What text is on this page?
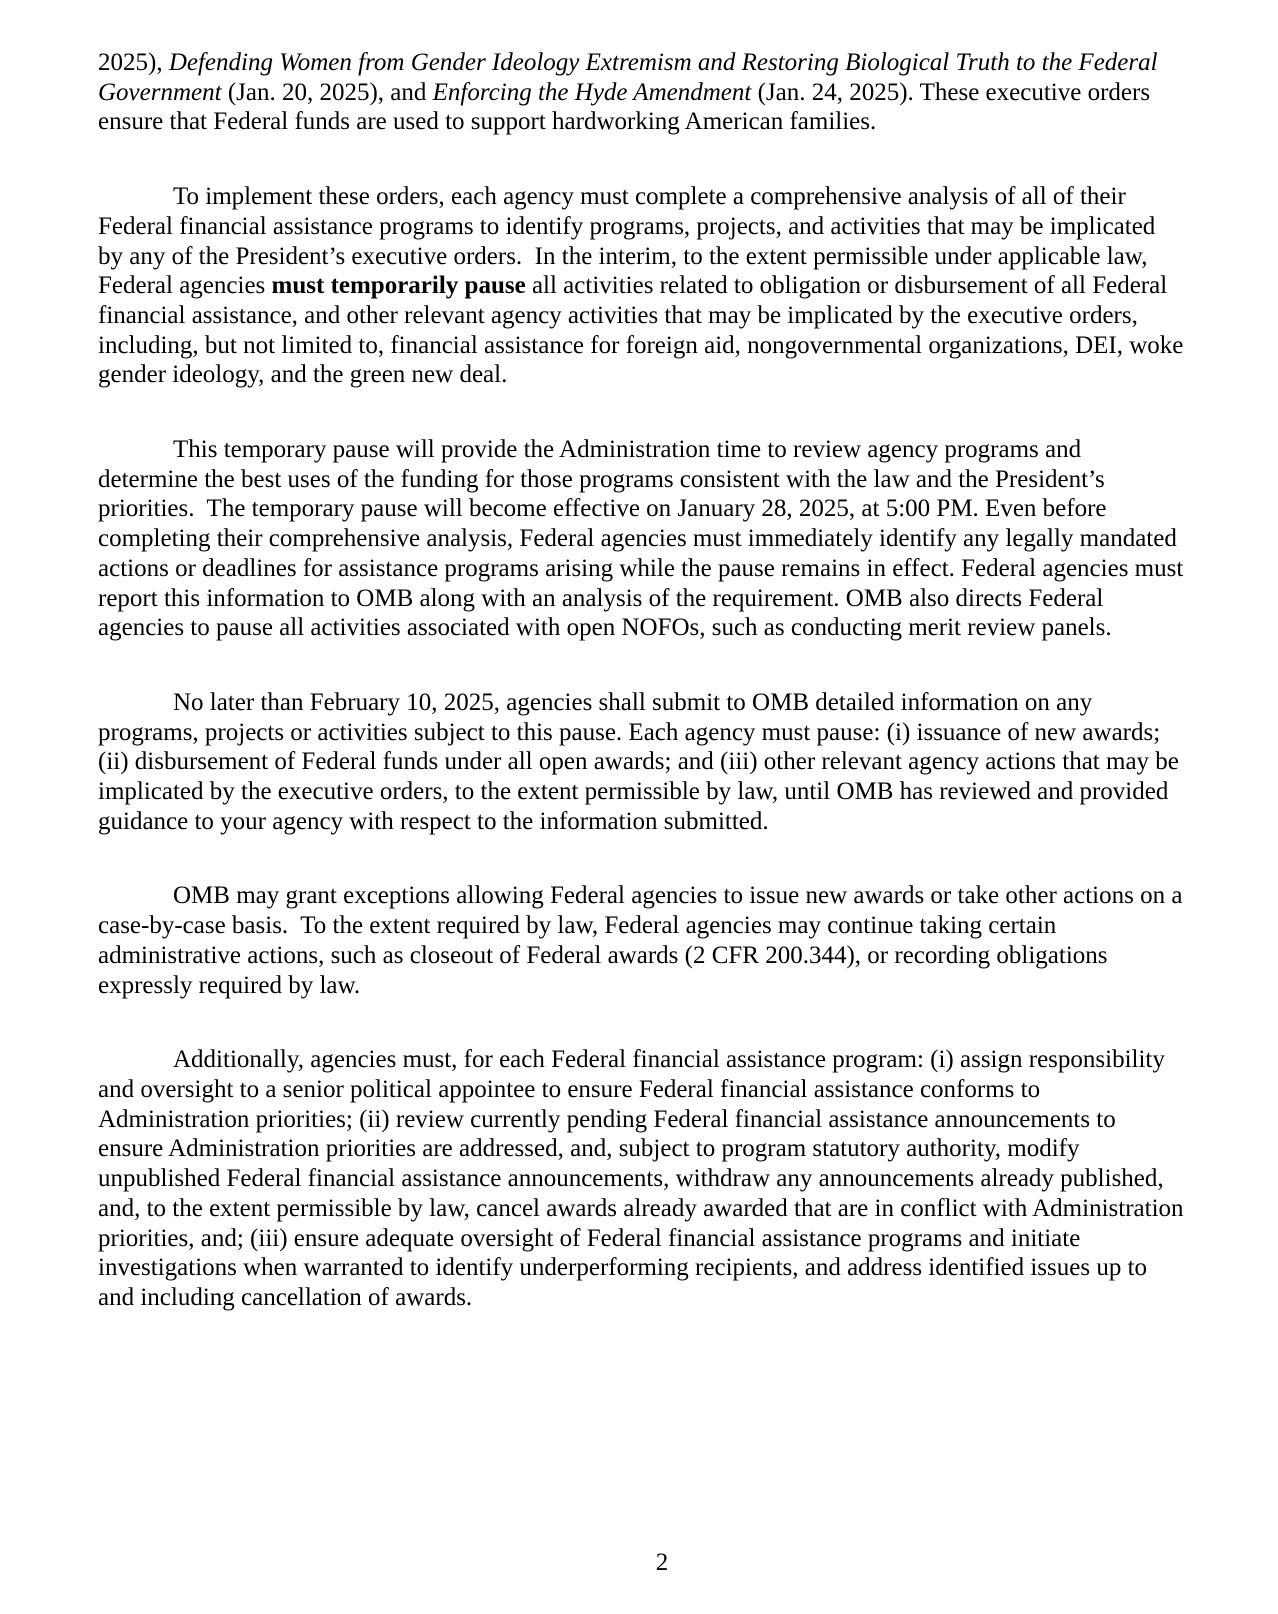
2025), Defending Women from Gender Ideology Extremism and Restoring Biological Truth to the Federal Government (Jan. 20, 2025), and Enforcing the Hyde Amendment (Jan. 24, 2025). These executive orders ensure that Federal funds are used to support hardworking American families.

To implement these orders, each agency must complete a comprehensive analysis of all of their Federal financial assistance programs to identify programs, projects, and activities that may be implicated by any of the President’s executive orders.  In the interim, to the extent permissible under applicable law, Federal agencies must temporarily pause all activities related to obligation or disbursement of all Federal financial assistance, and other relevant agency activities that may be implicated by the executive orders, including, but not limited to, financial assistance for foreign aid, nongovernmental organizations, DEI, woke gender ideology, and the green new deal.

This temporary pause will provide the Administration time to review agency programs and determine the best uses of the funding for those programs consistent with the law and the President’s priorities.  The temporary pause will become effective on January 28, 2025, at 5:00 PM. Even before completing their comprehensive analysis, Federal agencies must immediately identify any legally mandated actions or deadlines for assistance programs arising while the pause remains in effect. Federal agencies must report this information to OMB along with an analysis of the requirement. OMB also directs Federal agencies to pause all activities associated with open NOFOs, such as conducting merit review panels.

No later than February 10, 2025, agencies shall submit to OMB detailed information on any programs, projects or activities subject to this pause. Each agency must pause: (i) issuance of new awards; (ii) disbursement of Federal funds under all open awards; and (iii) other relevant agency actions that may be implicated by the executive orders, to the extent permissible by law, until OMB has reviewed and provided guidance to your agency with respect to the information submitted.

OMB may grant exceptions allowing Federal agencies to issue new awards or take other actions on a case-by-case basis.  To the extent required by law, Federal agencies may continue taking certain administrative actions, such as closeout of Federal awards (2 CFR 200.344), or recording obligations expressly required by law.

Additionally, agencies must, for each Federal financial assistance program: (i) assign responsibility and oversight to a senior political appointee to ensure Federal financial assistance conforms to Administration priorities; (ii) review currently pending Federal financial assistance announcements to ensure Administration priorities are addressed, and, subject to program statutory authority, modify unpublished Federal financial assistance announcements, withdraw any announcements already published, and, to the extent permissible by law, cancel awards already awarded that are in conflict with Administration priorities, and; (iii) ensure adequate oversight of Federal financial assistance programs and initiate investigations when warranted to identify underperforming recipients, and address identified issues up to and including cancellation of awards.

2
